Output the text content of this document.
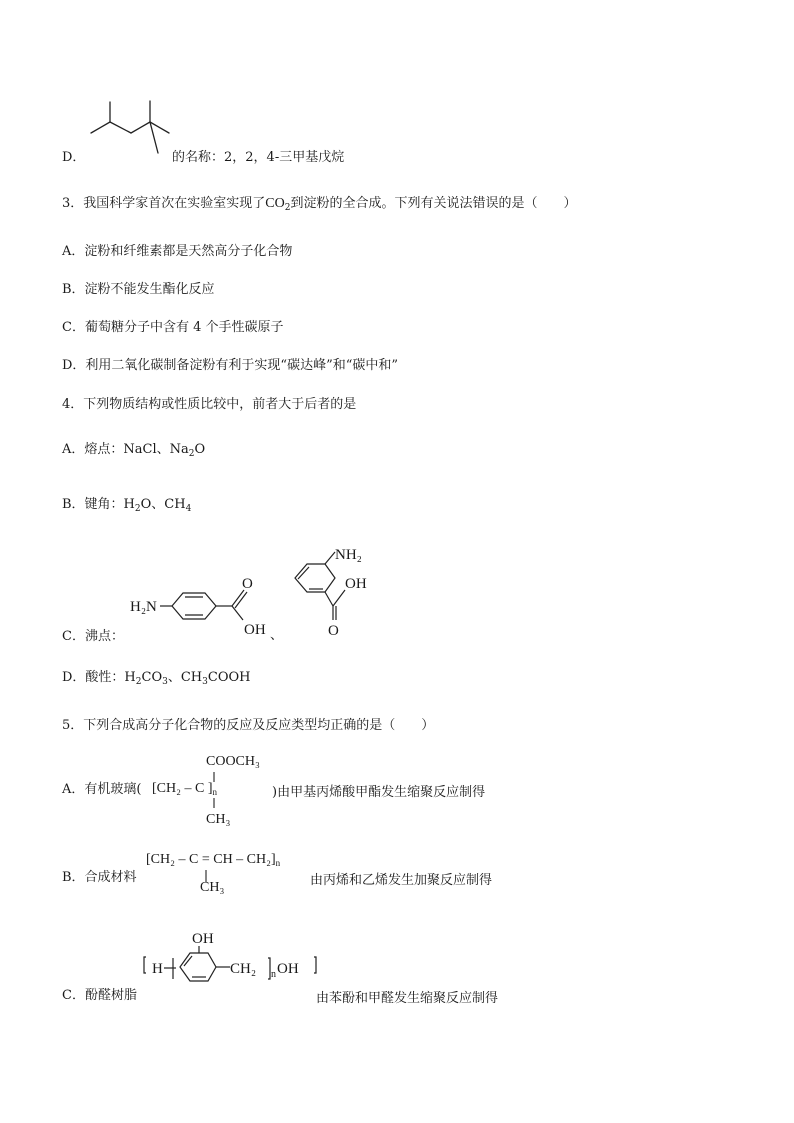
D．	的名称：2，2，4-三甲基戊烷
3．我国科学家首次在实验室实现了$CO_2$到淀粉的全合成。下列有关说法错误的是（　　）
A．淀粉和纤维素都是天然高分子化合物
B．淀粉不能发生酯化反应
C．葡萄糖分子中含有 4 个手性碳原子
D．利用二氧化碳制备淀粉有利于实现“碳达峰”和“碳中和”
4．下列物质结构或性质比较中，前者大于后者的是
A．熔点：NaCl、$Na_2O$
B．键角：$H_2O$、$CH_4$
H₂N
O
OH
C．沸点：	、
NH₂
OH
O
D．酸性：$H_2CO_3$、$CH_3COOH$
5．下列合成高分子化合物的反应及反应类型均正确的是（　　）
A．有机玻璃(
COOCH₃
[CH₂ – C ]$_n$
CH₃
)由甲基丙烯酸甲酯发生缩聚反应制得
B．合成材料
[CH₂ – C = CH – $CH_2]_n$
CH₃	由丙烯和乙烯发生加聚反应制得
C．酚醛树脂
OH
H	CH₂ n OH
由苯酚和甲醛发生缩聚反应制得
